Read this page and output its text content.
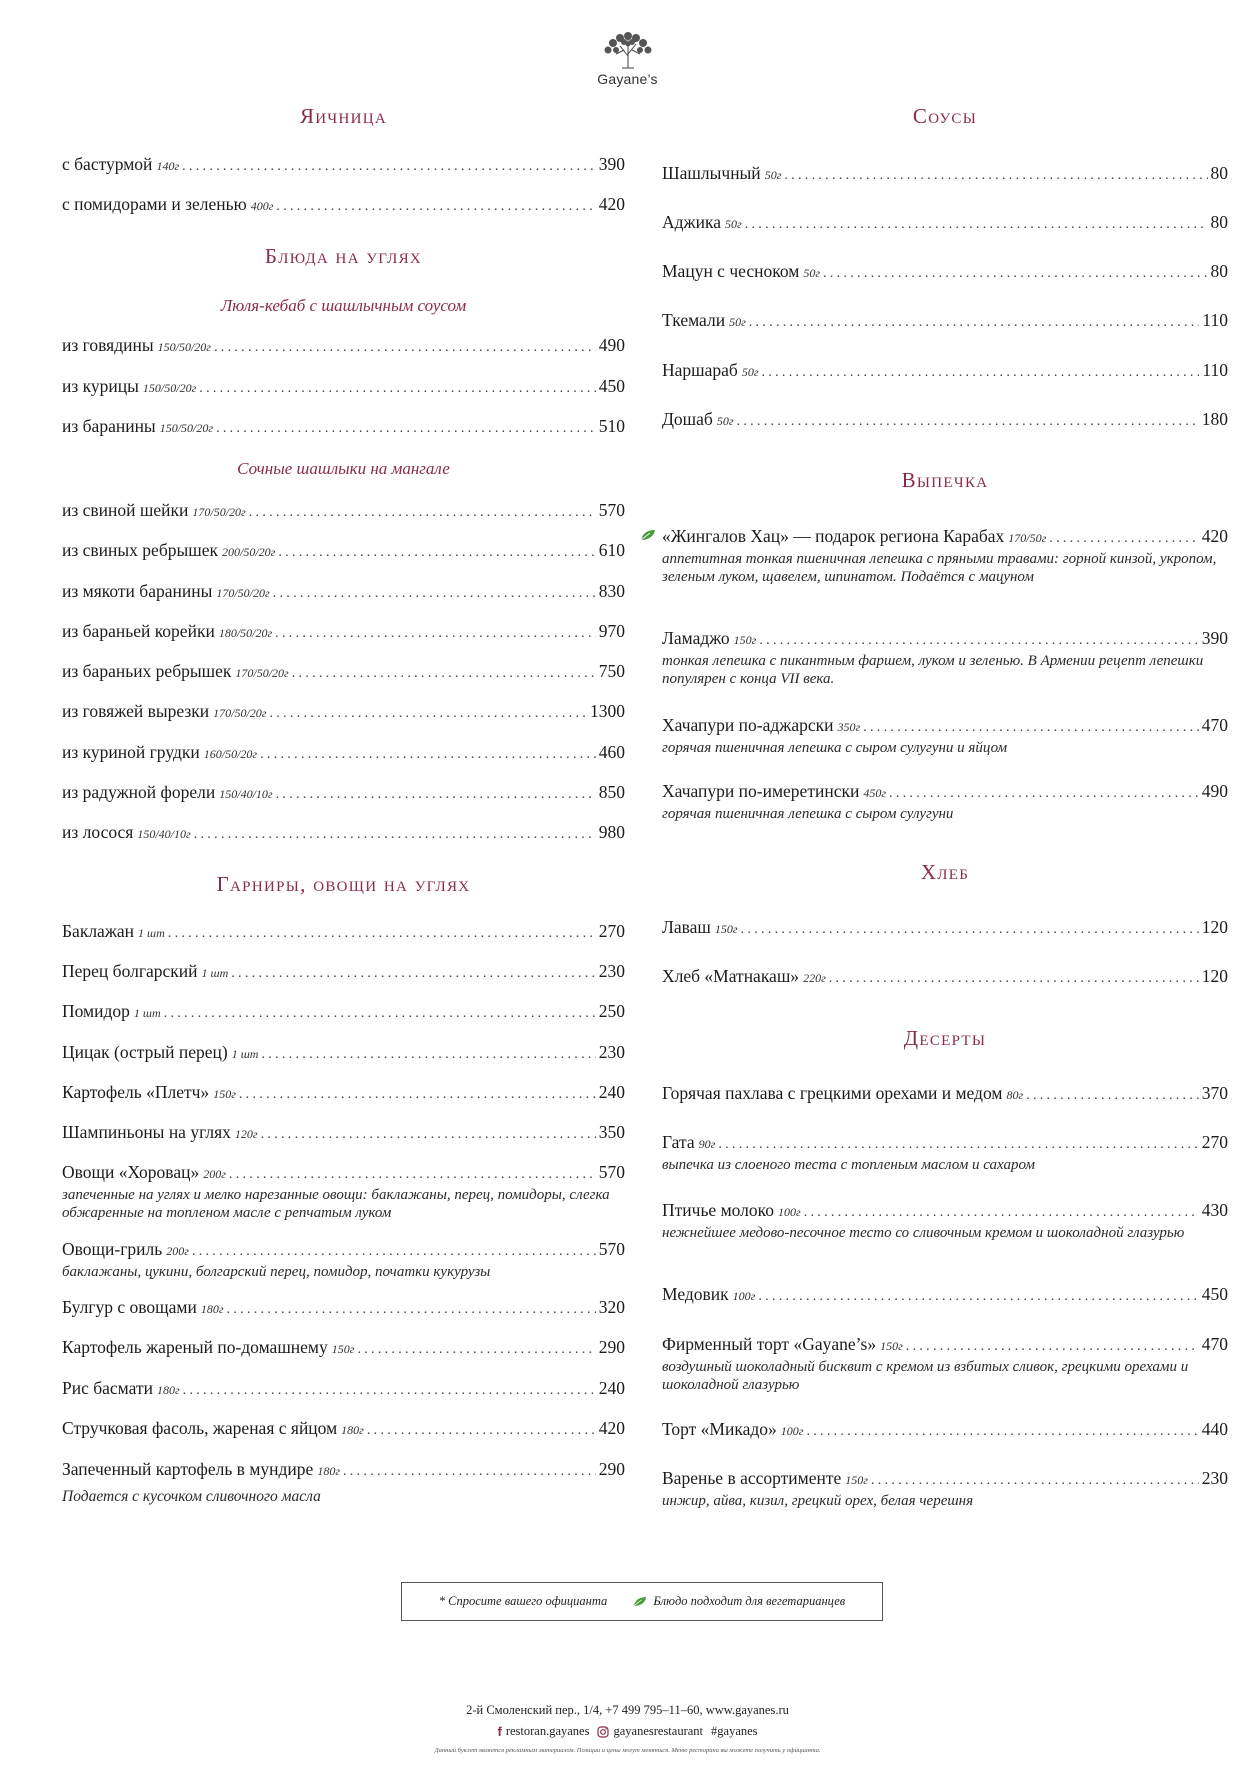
Gayane’s
Яичница
с бастурмой 140г .....	390
с помидорами и зеленью 400г .....	420
Блюда на углях
Люля-кебаб с шашлычным соусом
из говядины 150/50/20г .....	490
из курицы 150/50/20г .....	450
из баранины 150/50/20г .....	510
Сочные шашлыки на мангале
из свиной шейки 170/50/20г .....	570
из свиных ребрышек 200/50/20г .....	610
из мякоти баранины 170/50/20г .....	830
из бараньей корейки 180/50/20г .....	970
из бараньих ребрышек 170/50/20г .....	750
из говяжей вырезки 170/50/20г .....	1300
из куриной грудки 160/50/20г .....	460
из радужной форели 150/40/10г .....	850
из лосося 150/40/10г .....	980
Гарниры, овощи на углях
Баклажан 1 шт .....	270
Перец болгарский 1 шт .....	230
Помидор 1 шт .....	250
Цицак (острый перец) 1 шт .....	230
Картофель «Плетч» 150г .....	240
Шампиньоны на углях 120г .....	350
Овощи «Хоровац» 200г .....	570
запеченные на углях и мелко нарезанные овощи: баклажаны, перец, помидоры, слегка обжаренные на топленом масле с репчатым луком
Овощи-гриль 200г .....	570
баклажаны, цукини, болгарский перец, помидор, початки кукурузы
Булгур с овощами 180г .....	320
Картофель жареный по-домашнему 150г .....	290
Рис басмати 180г .....	240
Стручковая фасоль, жареная с яйцом 180г .....	420
Запеченный картофель в мундире 180г .....	290
Подается с кусочком сливочного масла
Соусы
Шашлычный 50г .....	80
Аджика 50г .....	80
Мацун с чесноком 50г .....	80
Ткемали 50г .....	110
Наршараб 50г .....	110
Дошаб 50г .....	180
Выпечка
«Жингалов Хац» — подарок региона Карабах 170/50г .....	420
аппетитная тонкая пшеничная лепешка с пряными травами: горной кинзой, укропом, зеленым луком, щавелем, шпинатом. Подаётся с мацуном
Ламаджо 150г .....	390
тонкая лепешка с пикантным фаршем, луком и зеленью. В Армении рецепт лепешки популярен с конца VII века.
Хачапури по-аджарски 350г .....	470
горячая пшеничная лепешка с сыром сулугуни и яйцом
Хачапури по-имеретински 450г .....	490
горячая пшеничная лепешка с сыром сулугуни
Хлеб
Лаваш 150г .....	120
Хлеб «Матнакаш» 220г .....	120
Десерты
Горячая пахлава с грецкими орехами и медом 80г .....	370
Гата 90г .....	270
выпечка из слоеного теста с топленым маслом и сахаром
Птичье молоко 100г .....	430
нежнейшее медово-песочное тесто со сливочным кремом и шоколадной глазурью
Медовик 100г .....	450
Фирменный торт «Gayane’s» 150г .....	470
воздушный шоколадный бисквит с кремом из взбитых сливок, грецкими орехами и шоколадной глазурью
Торт «Микадо» 100г .....	440
Варенье в ассортименте 150г .....	230
инжир, айва, кизил, грецкий орех, белая черешня
* Спросите вашего официанта	Блюдо подходит для вегетарианцев
2-й Смоленский пер., 1/4, +7 499 795–11–60, www.gayanes.ru
f restoran.gayanes gayanesrestaurant #gayanes
Данный буклет является рекламным материалом. Позиции и цены могут меняться. Меню ресторана вы можете получить у официанта.
